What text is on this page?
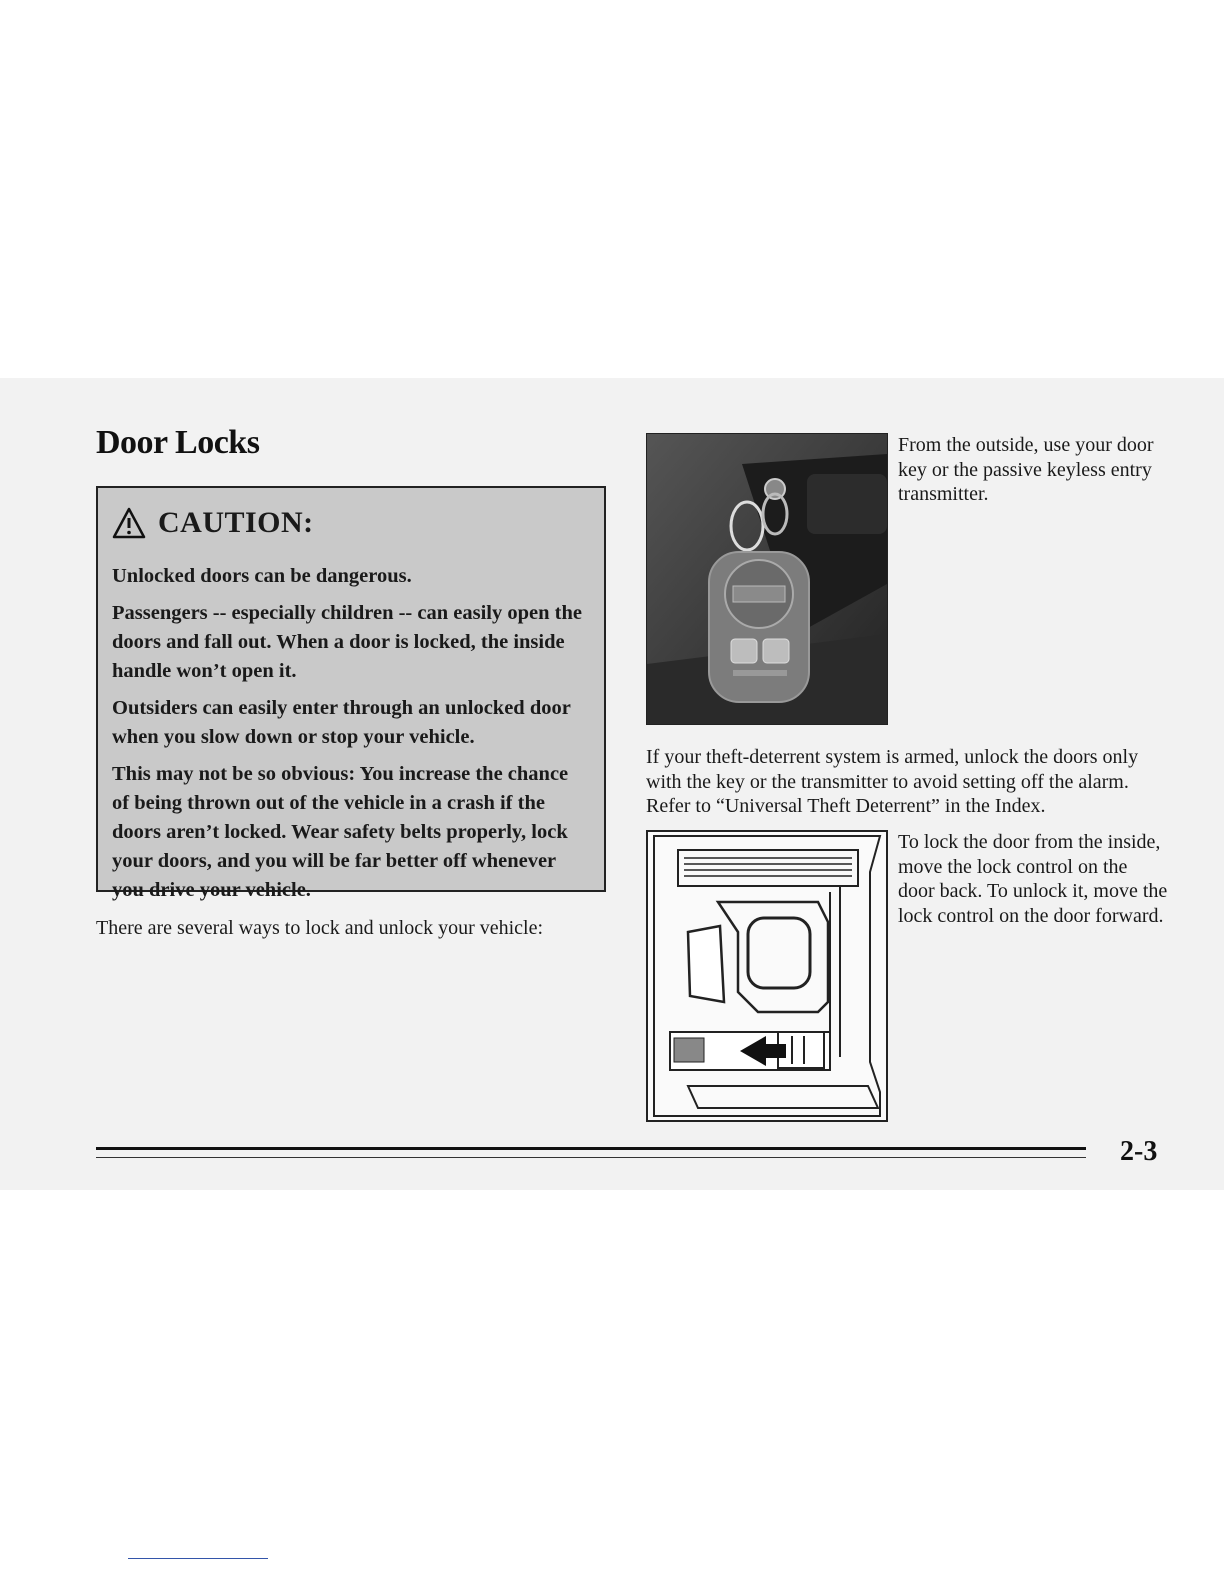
Door Locks
CAUTION:

Unlocked doors can be dangerous.

Passengers -- especially children -- can easily open the doors and fall out. When a door is locked, the inside handle won’t open it.

Outsiders can easily enter through an unlocked door when you slow down or stop your vehicle.

This may not be so obvious: You increase the chance of being thrown out of the vehicle in a crash if the doors aren’t locked. Wear safety belts properly, lock your doors, and you will be far better off whenever you drive your vehicle.

There are several ways to lock and unlock your vehicle:

From the outside, use your door key or the passive keyless entry transmitter.

If your theft-deterrent system is armed, unlock the doors only with the key or the transmitter to avoid setting off the alarm. Refer to “Universal Theft Deterrent” in the Index.

To lock the door from the inside, move the lock control on the door back. To unlock it, move the lock control on the door forward.

2-3
